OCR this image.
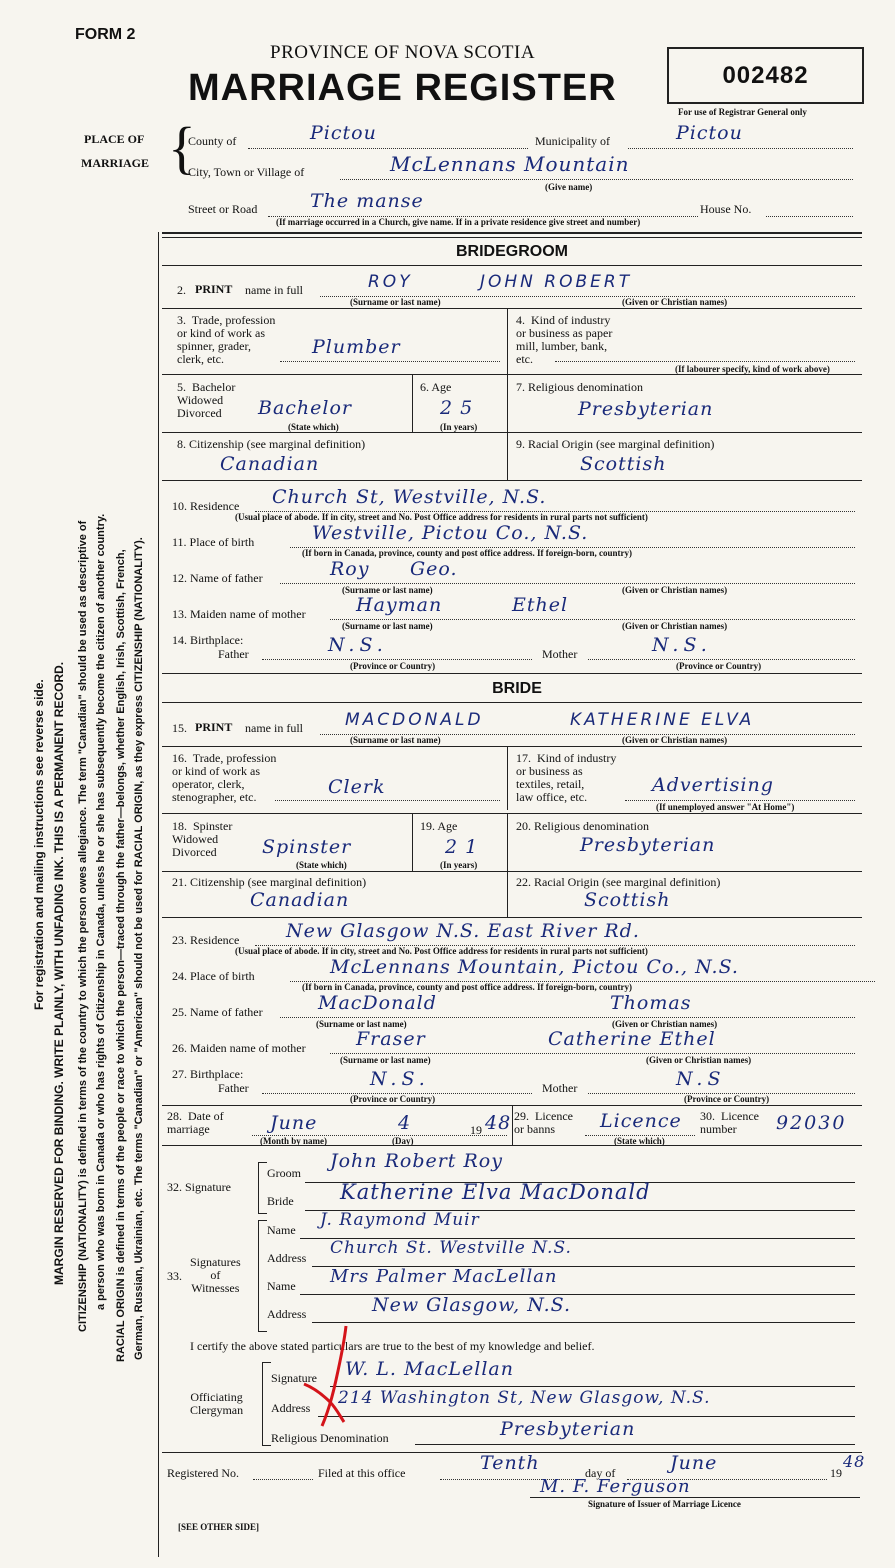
FORM 2
PROVINCE OF NOVA SCOTIA
MARRIAGE REGISTER	002482
For use of Registrar General only
PLACE OF
MARRIAGE {
County of	Pictou	Municipality of	Pictou
City, Town or Village of	McLennans Mountain
(Give name)
Street or Road	The manse	House No.
(If marriage occurred in a Church, give name. If in a private residence give street and number)
For registration and mailing instructions see reverse side. MARGIN RESERVED FOR BINDING. WRITE PLAINLY, WITH UNFADING INK. THIS IS A PERMANENT RECORD. CITIZENSHIP (NATIONALITY) is defined in terms of the country to which the person owes allegiance. The term "Canadian" should be used as descriptive of a person who was born in Canada or who has rights of Citizenship in Canada, unless he or she has subsequently become the citizen of another country. RACIAL ORIGIN is defined in terms of the people or race to which the person—traced through the father—belongs, whether English, Irish, Scottish, French, German, Russian, Ukrainian, etc. The terms "Canadian" or "American" should not be used for RACIAL ORIGIN, as they express CITIZENSHIP (NATIONALITY).
BRIDEGROOM
2. PRINT name in full	ROY	JOHN ROBERT
(Surname or last name)	(Given or Christian names)
3.  Trade, profession
or kind of work as
spinner, grader,
clerk, etc.
Plumber
4.  Kind of industry
or business as paper
mill, lumber, bank,
etc.
(If labourer specify, kind of work above)
5.  Bachelor
Widowed
Divorced	Bachelor
(State which)
6. Age
25
(In years)
7. Religious denomination
Presbyterian
8. Citizenship (see marginal definition)
Canadian
9. Racial Origin (see marginal definition)
Scottish
10. Residence Church St, Westville, N.S.
(Usual place of abode. If in city, street and No. Post Office address for residents in rural parts not sufficient)
11. Place of birth	Westville, Pictou Co., N.S.
(If born in Canada, province, county and post office address. If foreign-born, country)
12. Name of father	Roy Geo.
(Surname or last name)	(Given or Christian names)
13. Maiden name of mother	Hayman	Ethel
(Surname or last name)	(Given or Christian names)
14. Birthplace:
Father	N.S.
(Province or Country)
Mother	N.S.
(Province or Country)
BRIDE
15. PRINT name in full MACDONALD	KATHERINE ELVA
(Surname or last name)	(Given or Christian names)
16.  Trade, profession
or kind of work as
operator, clerk,
stenographer, etc.	Clerk
17.  Kind of industry
or business as
textiles, retail,
law office, etc.
Advertising
(If unemployed answer "At Home")
18.  Spinster
Widowed
Divorced	Spinster
(State which)
19. Age
21
(In years)
20. Religious denomination
Presbyterian
21. Citizenship (see marginal definition)
Canadian
22. Racial Origin (see marginal definition)
Scottish
23. Residence New Glasgow N.S. East River Rd.
(Usual place of abode. If in city, street and No. Post Office address for residents in rural parts not sufficient)
24. Place of birth	McLennans Mountain, Pictou Co., N.S.
(If born in Canada, province, county and post office address. If foreign-born, country)
25. Name of father	MacDonald	Thomas
(Surname or last name)	(Given or Christian names)
26. Maiden name of mother	Fraser	Catherine Ethel
(Surname or last name)	(Given or Christian names)
27. Birthplace:
Father	N.S.
(Province or Country)
Mother	N.S
(Province or Country)
28.  Date of
marriage	June	4	19 48
(Month by name)	(Day)
29.  Licence
or banns	Licence
(State which)
30.  Licence
number	92030
32. Signature
Groom
John Robert Roy
Bride Katherine Elva MacDonald
33.
Signatures
of
Witnesses
Name J. Raymond Muir
Address Church St. Westville N.S.
Name Mrs Palmer MacLellan
Address	New Glasgow, N.S.
I certify the above stated particulars are true to the best of my knowledge and belief.
Officiating
Clergyman
Signature W. L. MacLellan
Address 214 Washington St, New Glasgow, N.S.
Religious Denomination	Presbyterian
Registered No.	Filed at this office	Tenth	day of	June	19
48
M. F. Ferguson
Signature of Issuer of Marriage Licence
[SEE OTHER SIDE]
